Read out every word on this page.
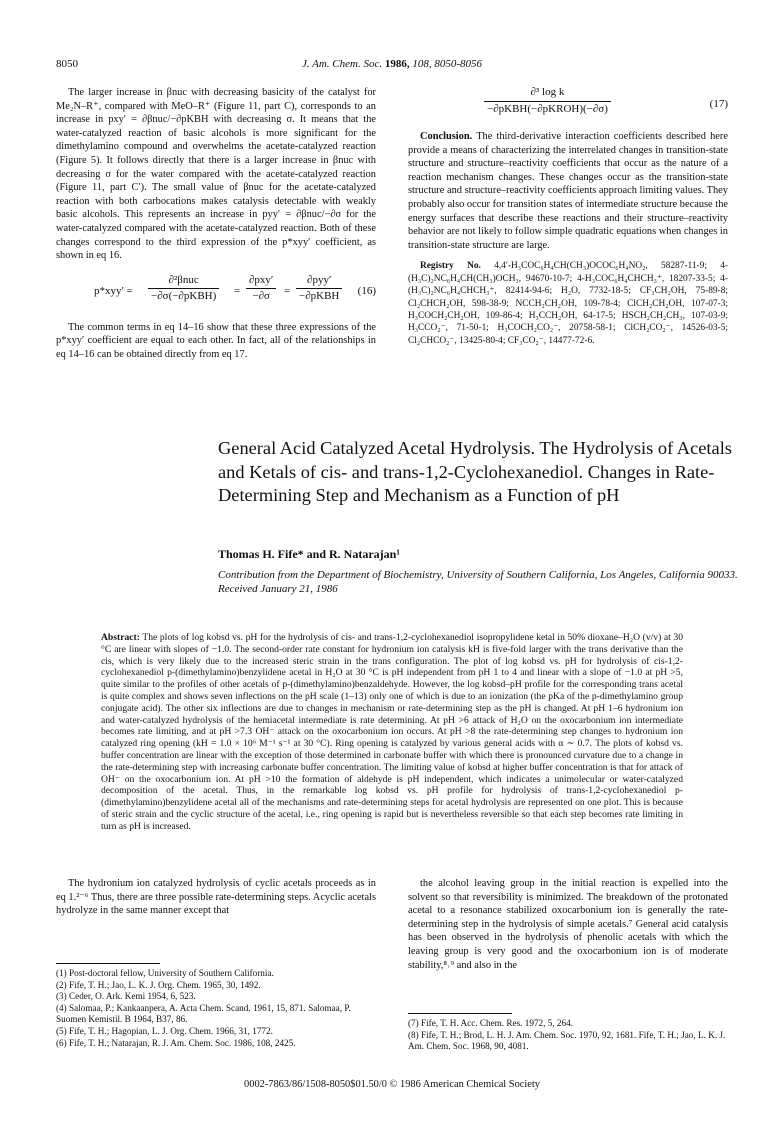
8050	J. Am. Chem. Soc. 1986, 108, 8050-8056

The larger increase in βnuc with decreasing basicity of the catalyst for Me₂N–R⁺, compared with MeO–R⁺ (Figure 11, part C), corresponds to an increase in pxy′ = ∂βnuc/−∂pKBH with decreasing σ. It means that the water-catalyzed reaction of basic alcohols is more significant for the dimethylamino compound and overwhelms the acetate-catalyzed reaction (Figure 5). It follows directly that there is a larger increase in βnuc with decreasing σ for the water compared with the acetate-catalyzed reaction (Figure 11, part C′). The small value of βnuc for the acetate-catalyzed reaction with both carbocations makes catalysis detectable with weakly basic alcohols. This represents an increase in pyy′ = ∂βnuc/−∂σ for the water-catalyzed compared with the acetate-catalyzed reaction. Both of these changes correspond to the third expression of the p*xyy′ coefficient, as shown in eq 16.

p*xyy′ =
∂²βnuc
−∂σ(−∂pKBH) =
∂pxy′
−∂σ	=
∂pyy′
−∂pKBH (16)

The common terms in eq 14–16 show that these three expressions of the p*xyy′ coefficient are equal to each other. In fact, all of the relationships in eq 14–16 can be obtained directly from eq 17.

∂³ log k
−∂pKBH(−∂pKROH)(−∂σ)	(17)

Conclusion. The third-derivative interaction coefficients described here provide a means of characterizing the interrelated changes in transition-state structure and structure–reactivity coefficients that occur as the nature of a reaction mechanism changes. These changes occur as the transition-state structure and structure–reactivity coefficients approach limiting values. They probably also occur for transition states of intermediate structure because the energy surfaces that describe these reactions and their structure–reactivity behavior are not likely to follow simple quadratic equations when changes in transition-state structure are large.

Registry No. 4,4′-H₃COC₆H₄CH(CH₃)OCOC₆H₄NO₂, 58287-11-9; 4-(H₃C)₂NC₆H₄CH(CH₃)OCH₃, 94670-10-7; 4-H₃COC₆H₄CHCH₃⁺, 18207-33-5; 4-(H₃C)₂NC₆H₄CHCH₃⁺, 82414-94-6; H₂O, 7732-18-5; CF₃CH₂OH, 75-89-8; Cl₂CHCH₂OH, 598-38-9; NCCH₂CH₂OH, 109-78-4; ClCH₂CH₂OH, 107-07-3; H₃COCH₂CH₂OH, 109-86-4; H₃CCH₂OH, 64-17-5; HSCH₂CH₂CH₃, 107-03-9; H₃CCO₂⁻, 71-50-1; H₃COCH₂CO₂⁻, 20758-58-1; ClCH₂CO₂⁻, 14526-03-5; Cl₂CHCO₂⁻, 13425-80-4; CF₃CO₂⁻, 14477-72-6.

General Acid Catalyzed Acetal Hydrolysis. The Hydrolysis of Acetals and Ketals of cis- and trans-1,2-Cyclohexanediol. Changes in Rate-Determining Step and Mechanism as a Function of pH
Thomas H. Fife* and R. Natarajan¹
Contribution from the Department of Biochemistry, University of Southern California, Los Angeles, California 90033. Received January 21, 1986
Abstract: The plots of log kobsd vs. pH for the hydrolysis of cis- and trans-1,2-cyclohexanediol isopropylidene ketal in 50% dioxane–H₂O (v/v) at 30 °C are linear with slopes of −1.0. The second-order rate constant for hydronium ion catalysis kH is five-fold larger with the trans derivative than the cis, which is very likely due to the increased steric strain in the trans configuration. The plot of log kobsd vs. pH for hydrolysis of cis-1,2-cyclohexanediol p-(dimethylamino)benzylidene acetal in H₂O at 30 °C is pH independent from pH 1 to 4 and linear with a slope of −1.0 at pH >5, quite similar to the profiles of other acetals of p-(dimethylamino)benzaldehyde. However, the log kobsd–pH profile for the corresponding trans acetal is quite complex and shows seven inflections on the pH scale (1–13) only one of which is due to an ionization (the pKa of the p-dimethylamino group conjugate acid). The other six inflections are due to changes in mechanism or rate-determining step as the pH is changed. At pH 1–6 hydronium ion and water-catalyzed hydrolysis of the hemiacetal intermediate is rate determining. At pH >6 attack of H₂O on the oxocarbonium ion intermediate becomes rate limiting, and at pH >7.3 OH⁻ attack on the oxocarbonium ion occurs. At pH >8 the rate-determining step changes to hydronium ion catalyzed ring opening (kH = 1.0 × 10⁶ M⁻¹ s⁻¹ at 30 °C). Ring opening is catalyzed by various general acids with α ∼ 0.7. The plots of kobsd vs. buffer concentration are linear with the exception of those determined in carbonate buffer with which there is pronounced curvature due to a change in the rate-determining step with increasing carbonate buffer concentration. The limiting value of kobsd at higher buffer concentration is that for attack of OH⁻ on the oxocarbonium ion. At pH >10 the formation of aldehyde is pH independent, which indicates a unimolecular or water-catalyzed decomposition of the acetal. Thus, in the remarkable log kobsd vs. pH profile for hydrolysis of trans-1,2-cyclohexanediol p-(dimethylamino)benzylidene acetal all of the mechanisms and rate-determining steps for acetal hydrolysis are represented on one plot. This is because of steric strain and the cyclic structure of the acetal, i.e., ring opening is rapid but is nevertheless reversible so that each step becomes rate limiting in turn as pH is increased.

The hydronium ion catalyzed hydrolysis of cyclic acetals proceeds as in eq 1.²⁻⁶ Thus, there are three possible rate-determining steps. Acyclic acetals hydrolyze in the same manner except that

the alcohol leaving group in the initial reaction is expelled into the solvent so that reversibility is minimized. The breakdown of the protonated acetal to a resonance stabilized oxocarbonium ion is generally the rate-determining step in the hydrolysis of simple acetals.⁷ General acid catalysis has been observed in the hydrolysis of phenolic acetals with which the leaving group is very good and the oxocarbonium ion is of moderate stability,⁸˒⁹ and also in the

(1) Post-doctoral fellow, University of Southern California.
(2) Fife, T. H.; Jao, L. K. J. Org. Chem. 1965, 30, 1492.
(3) Ceder, O. Ark. Kemi 1954, 6, 523.
(4) Salomaa, P.; Kankaanpera, A. Acta Chem. Scand. 1961, 15, 871. Salomaa, P. Suomen Kemistil. B 1964, B37, 86.
(5) Fife, T. H.; Hagopian, L. J. Org. Chem. 1966, 31, 1772.
(6) Fife, T. H.; Natarajan, R. J. Am. Chem. Soc. 1986, 108, 2425.
(7) Fife, T. H. Acc. Chem. Res. 1972, 5, 264.
(8) Fife, T. H.; Brod, L. H. J. Am. Chem. Soc. 1970, 92, 1681. Fife, T. H.; Jao, L. K. J. Am. Chem. Soc. 1968, 90, 4081.
0002-7863/86/1508-8050$01.50/0 © 1986 American Chemical Society
